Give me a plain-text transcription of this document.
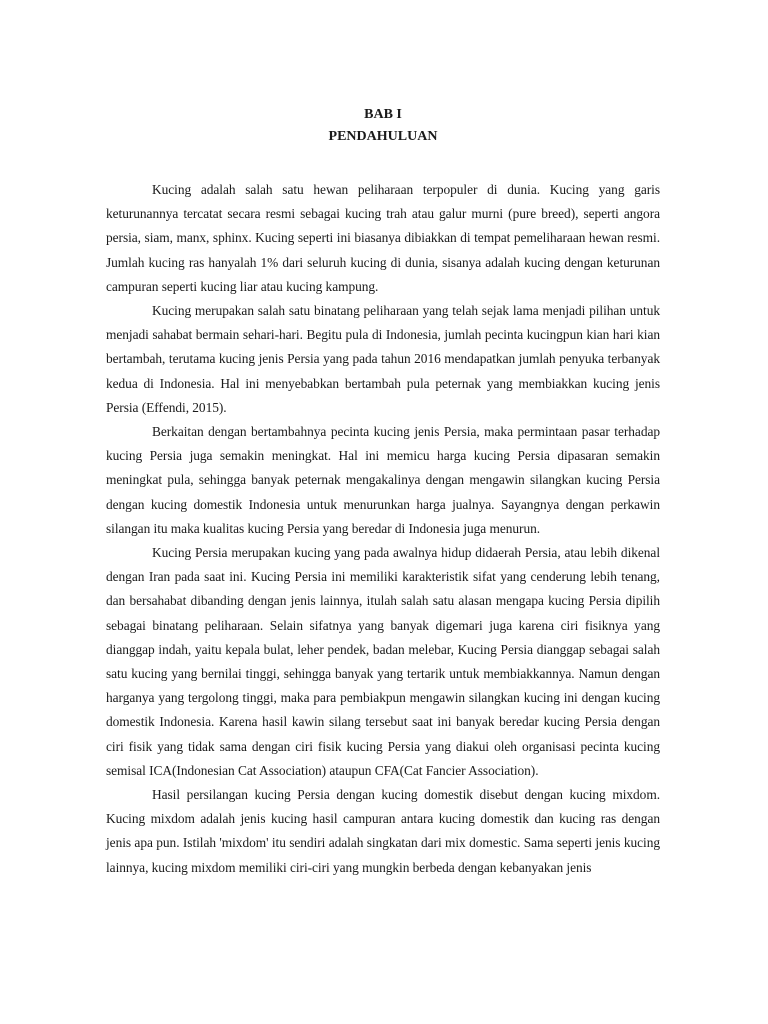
BAB I

PENDAHULUAN

Kucing adalah salah satu hewan peliharaan terpopuler di dunia. Kucing yang garis keturunannya tercatat secara resmi sebagai kucing trah atau galur murni (pure breed), seperti angora persia, siam, manx, sphinx. Kucing seperti ini biasanya dibiakkan di tempat pemeliharaan hewan resmi. Jumlah kucing ras hanyalah 1% dari seluruh kucing di dunia, sisanya adalah kucing dengan keturunan campuran seperti kucing liar atau kucing kampung.

Kucing merupakan salah satu binatang peliharaan yang telah sejak lama menjadi pilihan untuk menjadi sahabat bermain sehari-hari. Begitu pula di Indonesia, jumlah pecinta kucingpun kian hari kian bertambah, terutama kucing jenis Persia yang pada tahun 2016 mendapatkan jumlah penyuka terbanyak kedua di Indonesia. Hal ini menyebabkan bertambah pula peternak yang membiakkan kucing jenis Persia (Effendi, 2015).

Berkaitan dengan bertambahnya pecinta kucing jenis Persia, maka permintaan pasar terhadap kucing Persia juga semakin meningkat. Hal ini memicu harga kucing Persia dipasaran semakin meningkat pula, sehingga banyak peternak mengakalinya dengan mengawin silangkan kucing Persia dengan kucing domestik Indonesia untuk menurunkan harga jualnya. Sayangnya dengan perkawin silangan itu maka kualitas kucing Persia yang beredar di Indonesia juga menurun.

Kucing Persia merupakan kucing yang pada awalnya hidup didaerah Persia, atau lebih dikenal dengan Iran pada saat ini. Kucing Persia ini memiliki karakteristik sifat yang cenderung lebih tenang, dan bersahabat dibanding dengan jenis lainnya, itulah salah satu alasan mengapa kucing Persia dipilih sebagai binatang peliharaan. Selain sifatnya yang banyak digemari juga karena ciri fisiknya yang dianggap indah, yaitu kepala bulat, leher pendek, badan melebar, Kucing Persia dianggap sebagai salah satu kucing yang bernilai tinggi, sehingga banyak yang tertarik untuk membiakkannya. Namun dengan harganya yang tergolong tinggi, maka para pembiakpun mengawin silangkan kucing ini dengan kucing domestik Indonesia. Karena hasil kawin silang tersebut saat ini banyak beredar kucing Persia dengan ciri fisik yang tidak sama dengan ciri fisik kucing Persia yang diakui oleh organisasi pecinta kucing semisal ICA(Indonesian Cat Association) ataupun CFA(Cat Fancier Association).

Hasil persilangan kucing Persia dengan kucing domestik disebut dengan kucing mixdom. Kucing mixdom adalah jenis kucing hasil campuran antara kucing domestik dan kucing ras dengan jenis apa pun. Istilah 'mixdom' itu sendiri adalah singkatan dari mix domestic. Sama seperti jenis kucing lainnya, kucing mixdom memiliki ciri-ciri yang mungkin berbeda dengan kebanyakan jenis
